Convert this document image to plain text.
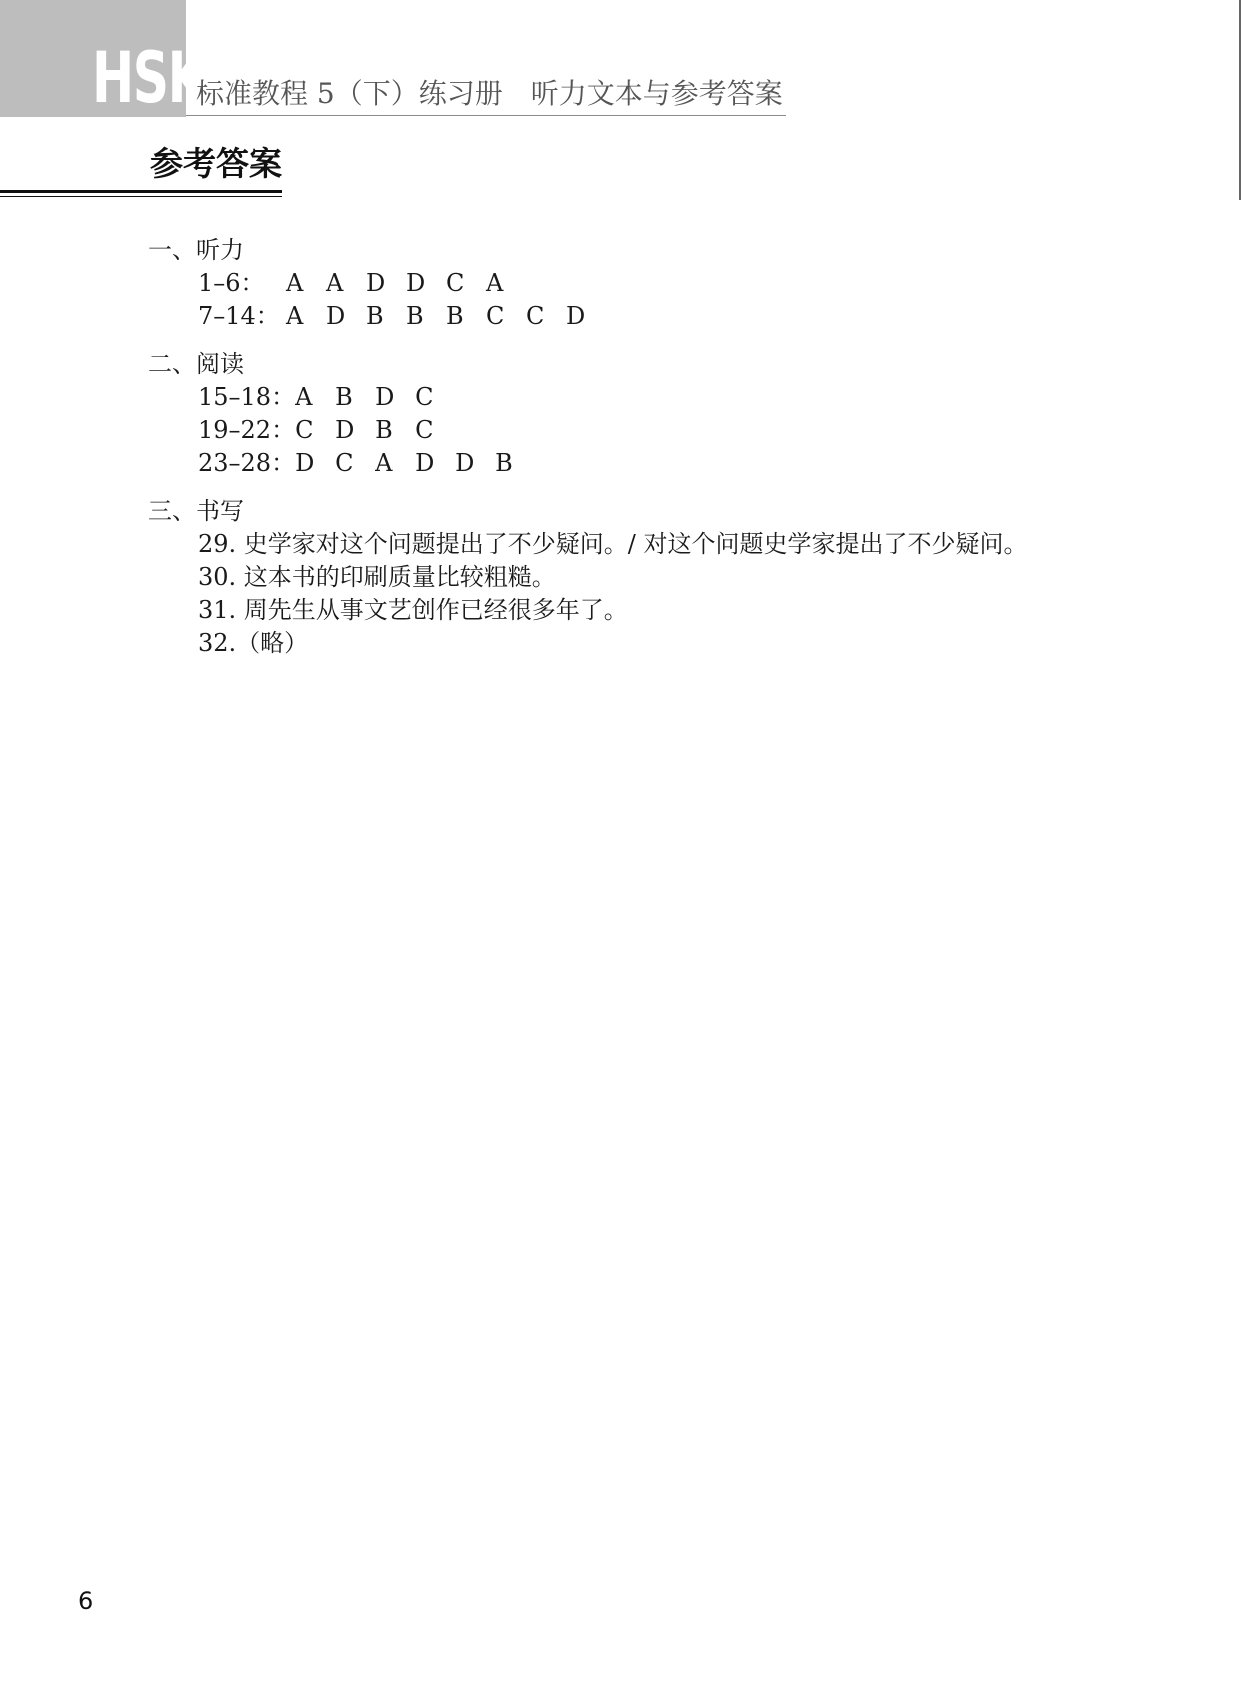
HSK
标准教程 5（下）练习册　听力文本与参考答案
参考答案
一、听力
1–6： A A D D C A
7–14： A D B B B C C D
二、阅读
15–18：A B D C
19–22：C D B C
23–28：D C A D D B
三、书写
29. 史学家对这个问题提出了不少疑问。/ 对这个问题史学家提出了不少疑问。
30. 这本书的印刷质量比较粗糙。
31. 周先生从事文艺创作已经很多年了。
32.（略）
6
